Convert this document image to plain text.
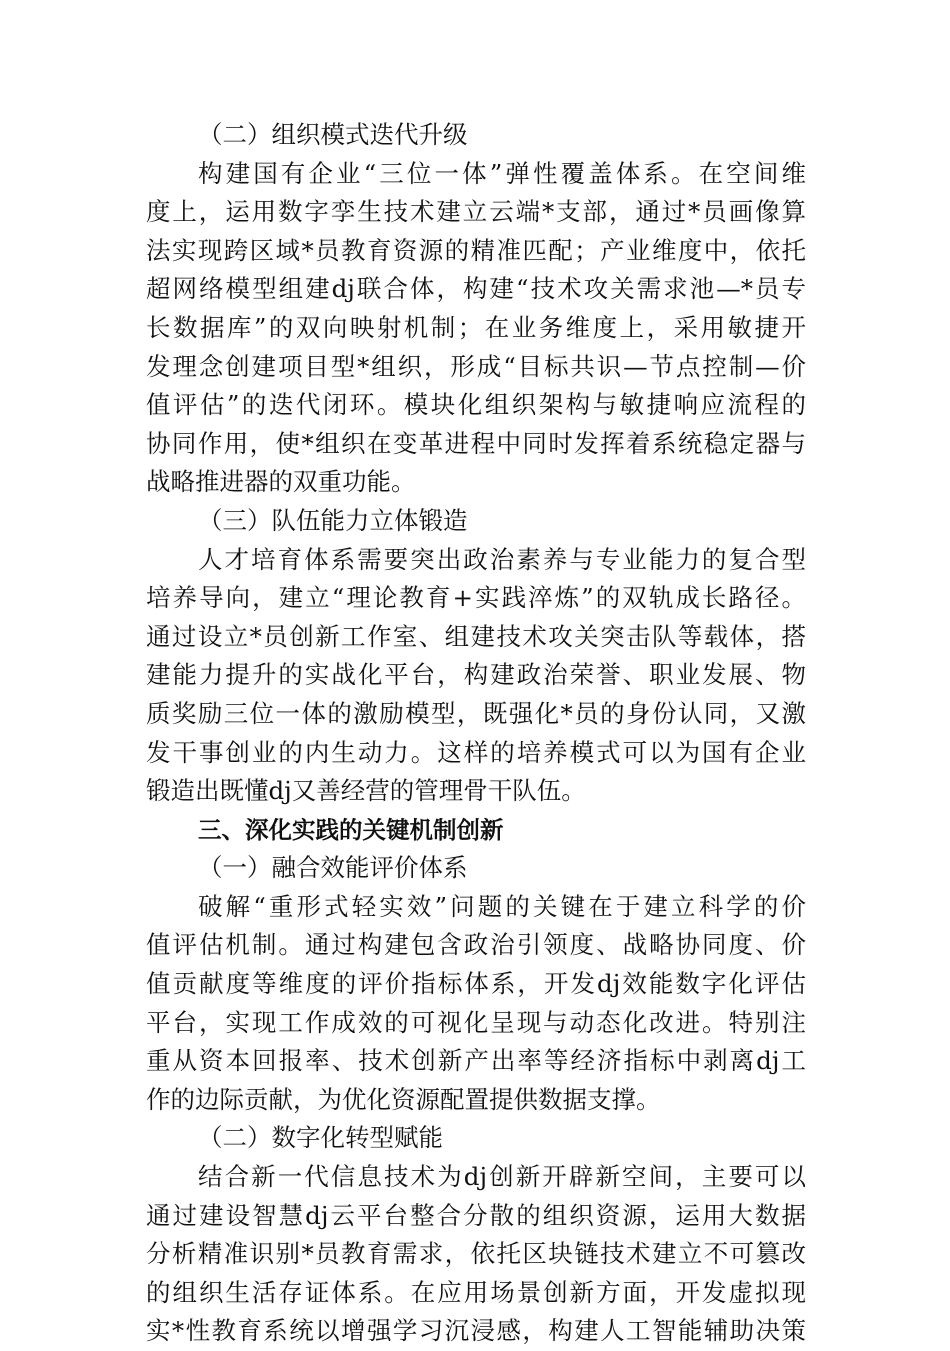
（二）组织模式迭代升级
构建国有企业“三位一体”弹性覆盖体系。在空间维
度上，运用数字孪生技术建立云端*支部，通过*员画像算
法实现跨区域*员教育资源的精准匹配；产业维度中，依托
超网络模型组建dj联合体，构建“技术攻关需求池—*员专
长数据库”的双向映射机制；在业务维度上，采用敏捷开
发理念创建项目型*组织，形成“目标共识—节点控制—价
值评估”的迭代闭环。模块化组织架构与敏捷响应流程的
协同作用，使*组织在变革进程中同时发挥着系统稳定器与
战略推进器的双重功能。
（三）队伍能力立体锻造
人才培育体系需要突出政治素养与专业能力的复合型
培养导向，建立“理论教育+实践淬炼”的双轨成长路径。
通过设立*员创新工作室、组建技术攻关突击队等载体，搭
建能力提升的实战化平台，构建政治荣誉、职业发展、物
质奖励三位一体的激励模型，既强化*员的身份认同，又激
发干事创业的内生动力。这样的培养模式可以为国有企业
锻造出既懂dj又善经营的管理骨干队伍。
三、深化实践的关键机制创新
（一）融合效能评价体系
破解“重形式轻实效”问题的关键在于建立科学的价
值评估机制。通过构建包含政治引领度、战略协同度、价
值贡献度等维度的评价指标体系，开发dj效能数字化评估
平台，实现工作成效的可视化呈现与动态化改进。特别注
重从资本回报率、技术创新产出率等经济指标中剥离dj工
作的边际贡献，为优化资源配置提供数据支撑。
（二）数字化转型赋能
结合新一代信息技术为dj创新开辟新空间，主要可以
通过建设智慧dj云平台整合分散的组织资源，运用大数据
分析精准识别*员教育需求，依托区块链技术建立不可篡改
的组织生活存证体系。在应用场景创新方面，开发虚拟现
实*性教育系统以增强学习沉浸感，构建人工智能辅助决策
